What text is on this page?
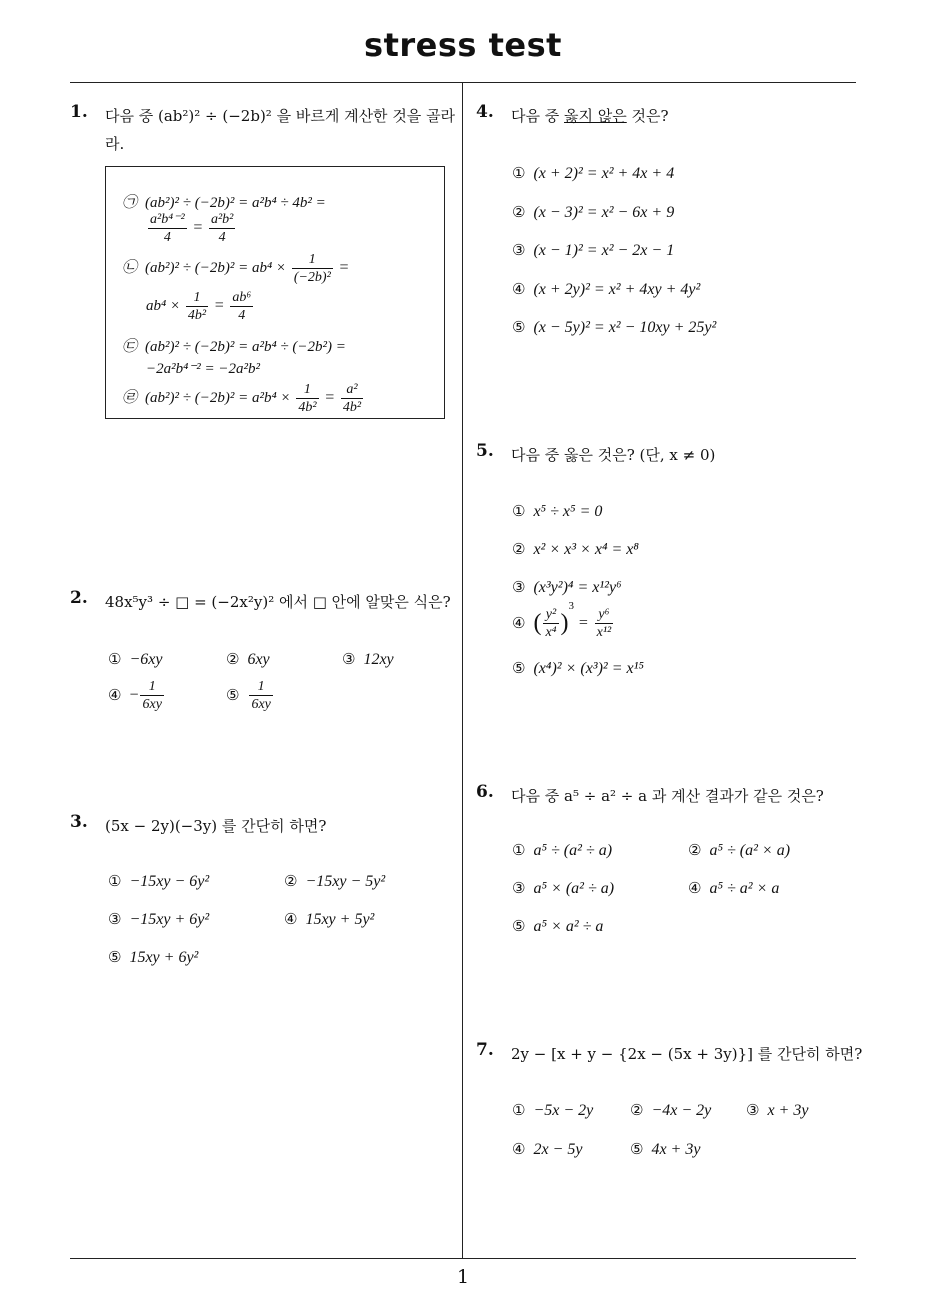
stress test
1
1. 다음 중 (ab²)² ÷ (−2b)² 을 바르게 계산한 것을 골라
라.
㉠ (ab²)² ÷ (−2b)² = a²b⁴ ÷ 4b² =
$\frac{\text{a²b⁴⁻²}}{4} = \frac{\text{a²b²}}{4}$
㉡ $(ab^2)^2 \div (-2b)^2 = ab^4 \times \frac{1}{\text{(−2b)²}}$ =
$ab^4 \times \frac{1}{\text{4b²}} = \frac{\text{ab⁶}}{4}$
㉢ (ab²)² ÷ (−2b)² = a²b⁴ ÷ (−2b²) =
−2a²b⁴⁻² = −2a²b²
㉣ $(ab^2)^2 \div (-2b)^2 = a^2b^4 \times \frac{1}{\text{4b²}} = \frac{\text{a²}}{\text{4b²}}$
2. 48x⁵y³ ÷ □ = (−2x²y)² 에서 □ 안에 알맞은 식은?
① −6xy	② 6xy	③ 12xy
④ − $\frac{1}{6xy}$	⑤ $\frac{1}{6xy}$
3. (5x − 2y)(−3y) 를 간단히 하면?
① −15xy − 6y²	② −15xy − 5y²
③ −15xy + 6y²	④ 15xy + 5y²
⑤ 15xy + 6y²
4. 다음 중 옳지 않은 것은?
① (x + 2)² = x² + 4x + 4
② (x − 3)² = x² − 6x + 9
③ (x − 1)² = x² − 2x − 1
④ (x + 2y)² = x² + 4xy + 4y²
⑤ (x − 5y)² = x² − 10xy + 25y²
5. 다음 중 옳은 것은? (단, x ≠ 0)
① x⁵ ÷ x⁵ = 0
② x² × x³ × x⁴ = x⁸
③ (x³y²)⁴ = x¹²y⁶
④ ( $\frac{\text{y²}}{\text{x⁴}} )^3 = \frac{\text{y⁶}}{\text{x¹²}}$
⑤ (x⁴)² × (x³)² = x¹⁵
6. 다음 중 a⁵ ÷ a² ÷ a 과 계산 결과가 같은 것은?
① a⁵ ÷ (a² ÷ a)	② a⁵ ÷ (a² × a)
③ a⁵ × (a² ÷ a)	④ a⁵ ÷ a² × a
⑤ a⁵ × a² ÷ a
7. 2y − [x + y − {2x − (5x + 3y)}] 를 간단히 하면?
① −5x − 2y ② −4x − 2y ③ x + 3y
④ 2x − 5y	⑤ 4x + 3y
